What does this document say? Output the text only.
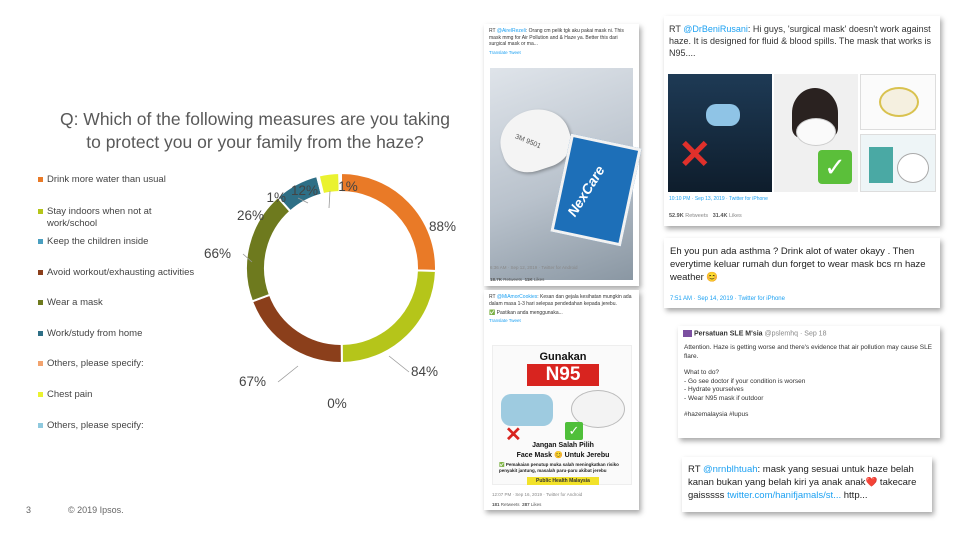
Q: Which of the following measures are you taking
to protect you or your family from the haze?
Drink more water than usual
Stay indoors when not at work/school
Keep the children inside
Avoid workout/exhausting activities
Wear a mask
Work/study from home
Others, please specify:
Chest pain
Others, please specify:
88%
84%
0%
67%
66%
26%
1% 12% 1%
3	© 2019 Ipsos.
RT @AirelRezeli: Orang cm pelik tgk aku pakai mask ni. This mask mmg for Air Pollution and & Haze ya. Better this dari surgical mask or ma...
Translate Tweet
3M 9501
NexCare
6:36 AM · Sep 12, 2019 · Twitter for Android
18.7K Retweets 11K Likes
RT @DrBeniRusani: Hi guys, 'surgical mask' doesn't work against haze. It is designed for fluid & blood spills. The mask that works is N95....
✕	✓
10:10 PM · Sep 13, 2019 · Twitter for iPhone
52.9K Retweets 31.4K Likes
Eh you pun ada asthma ? Drink alot of water okayy . Then everytime keluar rumah dun forget to wear mask bcs rn haze weather 😊
7:51 AM · Sep 14, 2019 · Twitter for iPhone
RT @MiAmorCookies: Kesan dan gejala kesihatan mungkin ada dalam masa 1-3 hari selepas pendedahan kepada jerebu.
✅ Pastikan anda menggunaka...
Translate Tweet
Gunakan
N95
✕	✓
Jangan Salah Pilih
Face Mask 😊 Untuk Jerebu
✅ Pemakaian penutup muka salah meningkatkan risiko penyakit jantung, masalah paru-paru akibat jerebu
Public Health Malaysia
12:07 PM · Sep 16, 2019 · Twitter for Android
181 Retweets 287 Likes
Persatuan SLE M'sia @pslemhq · Sep 18
Attention. Haze is getting worse and there's evidence that air pollution may cause SLE flare.
What to do?
- Go see doctor if your condition is worsen
- Hydrate yourselves
- Wear N95 mask if outdoor
#hazemalaysia #lupus
RT @nrnblhtuah: mask yang sesuai untuk haze belah kanan bukan yang belah kiri ya anak anak❤️ takecare gaisssss twitter.com/hanifjamals/st... http...
